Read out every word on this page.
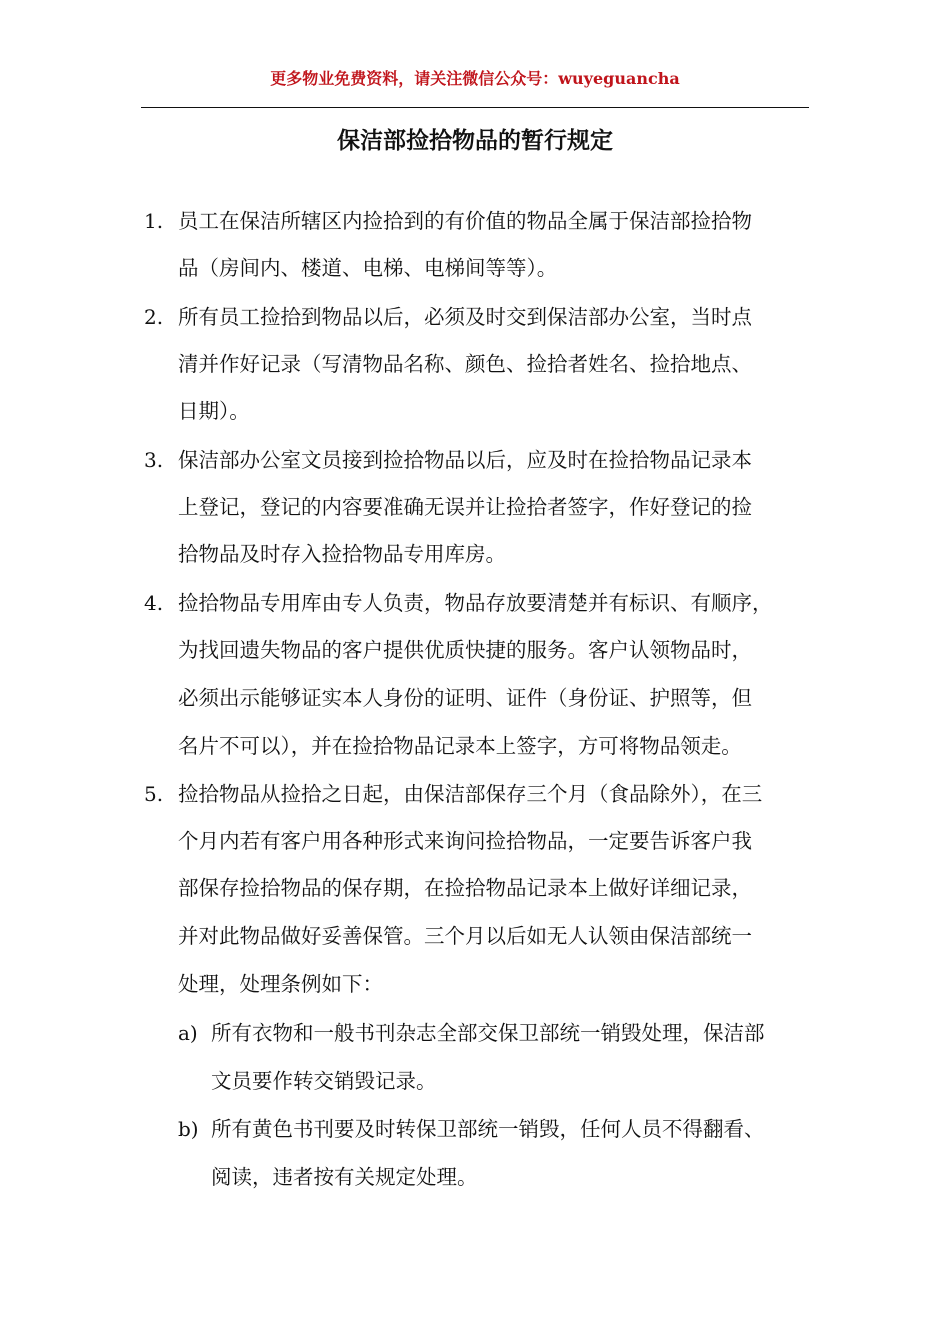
更多物业免费资料，请关注微信公众号：wuyeguancha
保洁部捡拾物品的暂行规定
1. 员工在保洁所辖区内捡拾到的有价值的物品全属于保洁部捡拾物
品（房间内、楼道、电梯、电梯间等等）。
2. 所有员工捡拾到物品以后，必须及时交到保洁部办公室，当时点
清并作好记录（写清物品名称、颜色、捡拾者姓名、捡拾地点、
日期）。
3. 保洁部办公室文员接到捡拾物品以后，应及时在捡拾物品记录本
上登记，登记的内容要准确无误并让捡拾者签字，作好登记的捡
拾物品及时存入捡拾物品专用库房。
4. 捡拾物品专用库由专人负责，物品存放要清楚并有标识、有顺序，
为找回遗失物品的客户提供优质快捷的服务。客户认领物品时，
必须出示能够证实本人身份的证明、证件（身份证、护照等，但
名片不可以），并在捡拾物品记录本上签字，方可将物品领走。
5. 捡拾物品从捡拾之日起，由保洁部保存三个月（食品除外），在三
个月内若有客户用各种形式来询问捡拾物品，一定要告诉客户我
部保存捡拾物品的保存期，在捡拾物品记录本上做好详细记录，
并对此物品做好妥善保管。三个月以后如无人认领由保洁部统一
处理，处理条例如下：
a) 所有衣物和一般书刊杂志全部交保卫部统一销毁处理，保洁部
文员要作转交销毁记录。
b) 所有黄色书刊要及时转保卫部统一销毁，任何人员不得翻看、
阅读，违者按有关规定处理。
